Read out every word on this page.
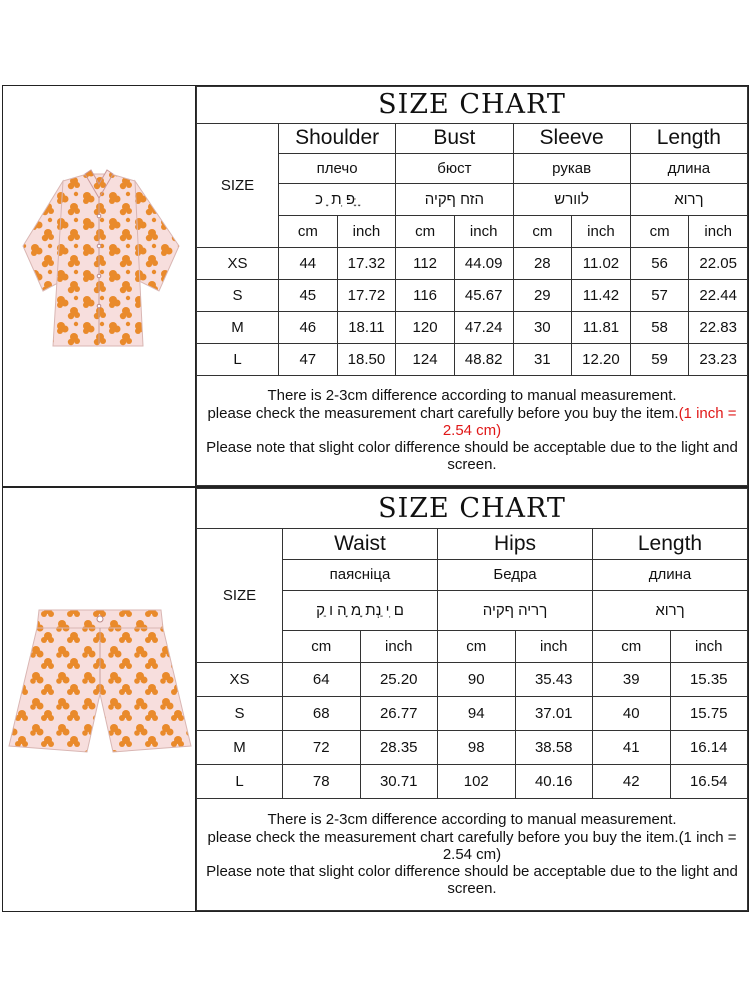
SIZE CHART								
SIZE	Shoulder		Bust		Sleeve		Length	
	плечо		бюст		рукав		длина	
	ָ ָּפ ִת ָ כ		הזח ףקיה		לוורש		ךרוא	
	cm	inch	cm	inch	cm	inch	cm	inch
XS	44	17.32	112	44.09	28	11.02	56	22.05
S	45	17.72	116	45.67	29	11.42	57	22.44
M	46	18.11	120	47.24	30	11.81	58	22.83
L	47	18.50	124	48.82	31	12.20	59	23.23
There is 2-3cm difference according to manual measurement.
please check the measurement chart carefully before you buy the item.(1 inch = 2.54 cm)
Please note that slight color difference should be acceptable due to the light and screen.								
SIZE CHART						
SIZE	Waist		Hips		Length	
	паясніца		Бедра		длина	
	ם ִי ַנְת ָמ ָה ו ַק		ךריה ףקיה		ךרוא	
	cm	inch	cm	inch	cm	inch
XS	64	25.20	90	35.43	39	15.35
S	68	26.77	94	37.01	40	15.75
M	72	28.35	98	38.58	41	16.14
L	78	30.71	102	40.16	42	16.54
There is 2-3cm difference according to manual measurement.
please check the measurement chart carefully before you buy the item.(1 inch = 2.54 cm)
Please note that slight color difference should be acceptable due to the light and screen.						
